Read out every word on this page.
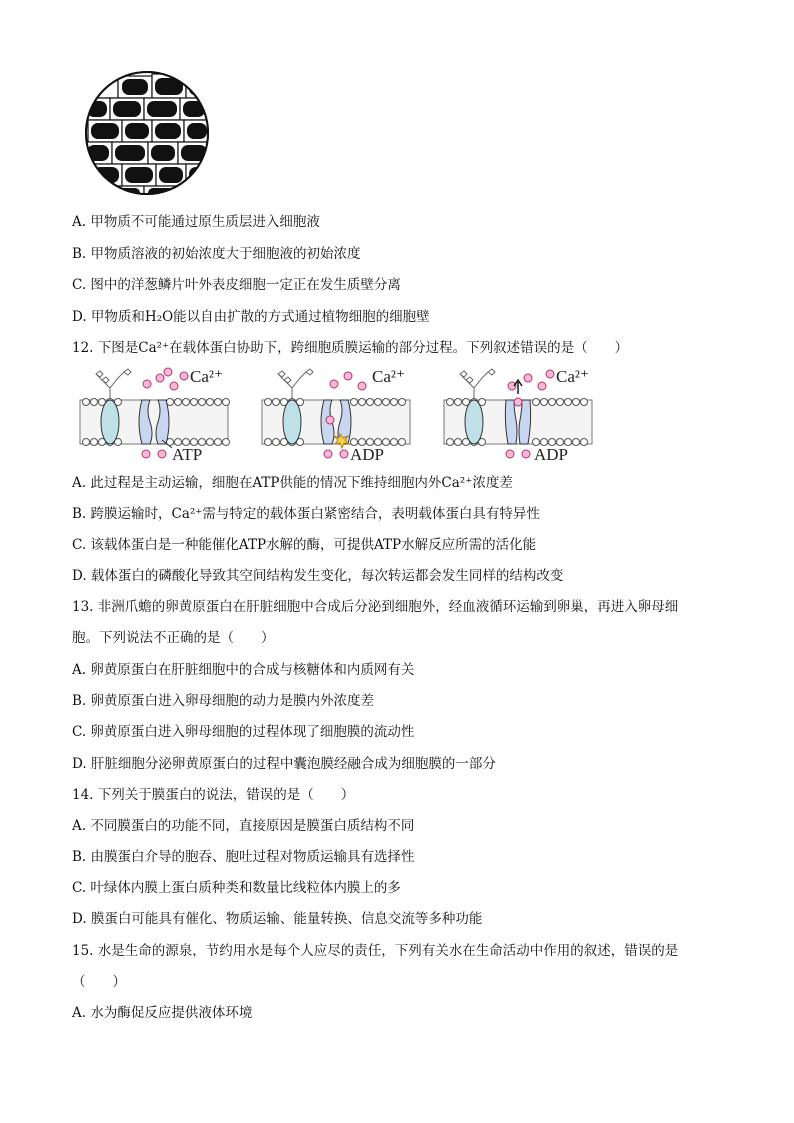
A. 甲物质不可能通过原生质层进入细胞液
B. 甲物质溶液的初始浓度大于细胞液的初始浓度
C. 图中的洋葱鳞片叶外表皮细胞一定正在发生质壁分离
D. 甲物质和H₂O能以自由扩散的方式通过植物细胞的细胞壁
12. 下图是Ca²⁺在载体蛋白协助下，跨细胞质膜运输的部分过程。下列叙述错误的是（　　）
Ca²⁺
ATP
Ca²⁺
ADP
Ca²⁺
ADP
A. 此过程是主动运输，细胞在ATP供能的情况下维持细胞内外Ca²⁺浓度差
B. 跨膜运输时，Ca²⁺需与特定的载体蛋白紧密结合，表明载体蛋白具有特异性
C. 该载体蛋白是一种能催化ATP水解的酶，可提供ATP水解反应所需的活化能
D. 载体蛋白的磷酸化导致其空间结构发生变化，每次转运都会发生同样的结构改变
13. 非洲爪蟾的卵黄原蛋白在肝脏细胞中合成后分泌到细胞外，经血液循环运输到卵巢，再进入卵母细
胞。下列说法不正确的是（　　）
A. 卵黄原蛋白在肝脏细胞中的合成与核糖体和内质网有关
B. 卵黄原蛋白进入卵母细胞的动力是膜内外浓度差
C. 卵黄原蛋白进入卵母细胞的过程体现了细胞膜的流动性
D. 肝脏细胞分泌卵黄原蛋白的过程中囊泡膜经融合成为细胞膜的一部分
14. 下列关于膜蛋白的说法，错误的是（　　）
A. 不同膜蛋白的功能不同，直接原因是膜蛋白质结构不同
B. 由膜蛋白介导的胞吞、胞吐过程对物质运输具有选择性
C. 叶绿体内膜上蛋白质种类和数量比线粒体内膜上的多
D. 膜蛋白可能具有催化、物质运输、能量转换、信息交流等多种功能
15. 水是生命的源泉，节约用水是每个人应尽的责任，下列有关水在生命活动中作用的叙述，错误的是
（　　）
A. 水为酶促反应提供液体环境
